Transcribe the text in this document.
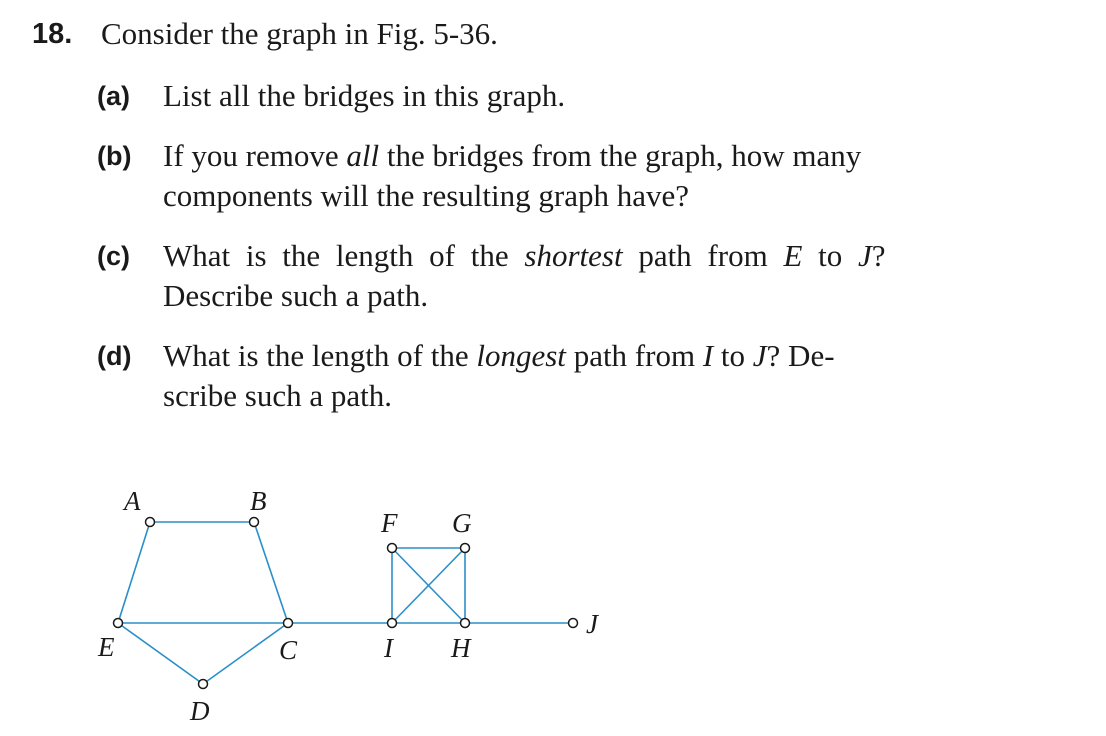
18. Consider the graph in Fig. 5-36.
(a) List all the bridges in this graph.
(b) If you remove all the bridges from the graph, how many
components will the resulting graph have?
(c) What is the length of the shortest path from E to J?
Describe such a path.
(d) What is the length of the longest path from I to J? De-
scribe such a path.
A	B
F G
E	C	I H
J
D
